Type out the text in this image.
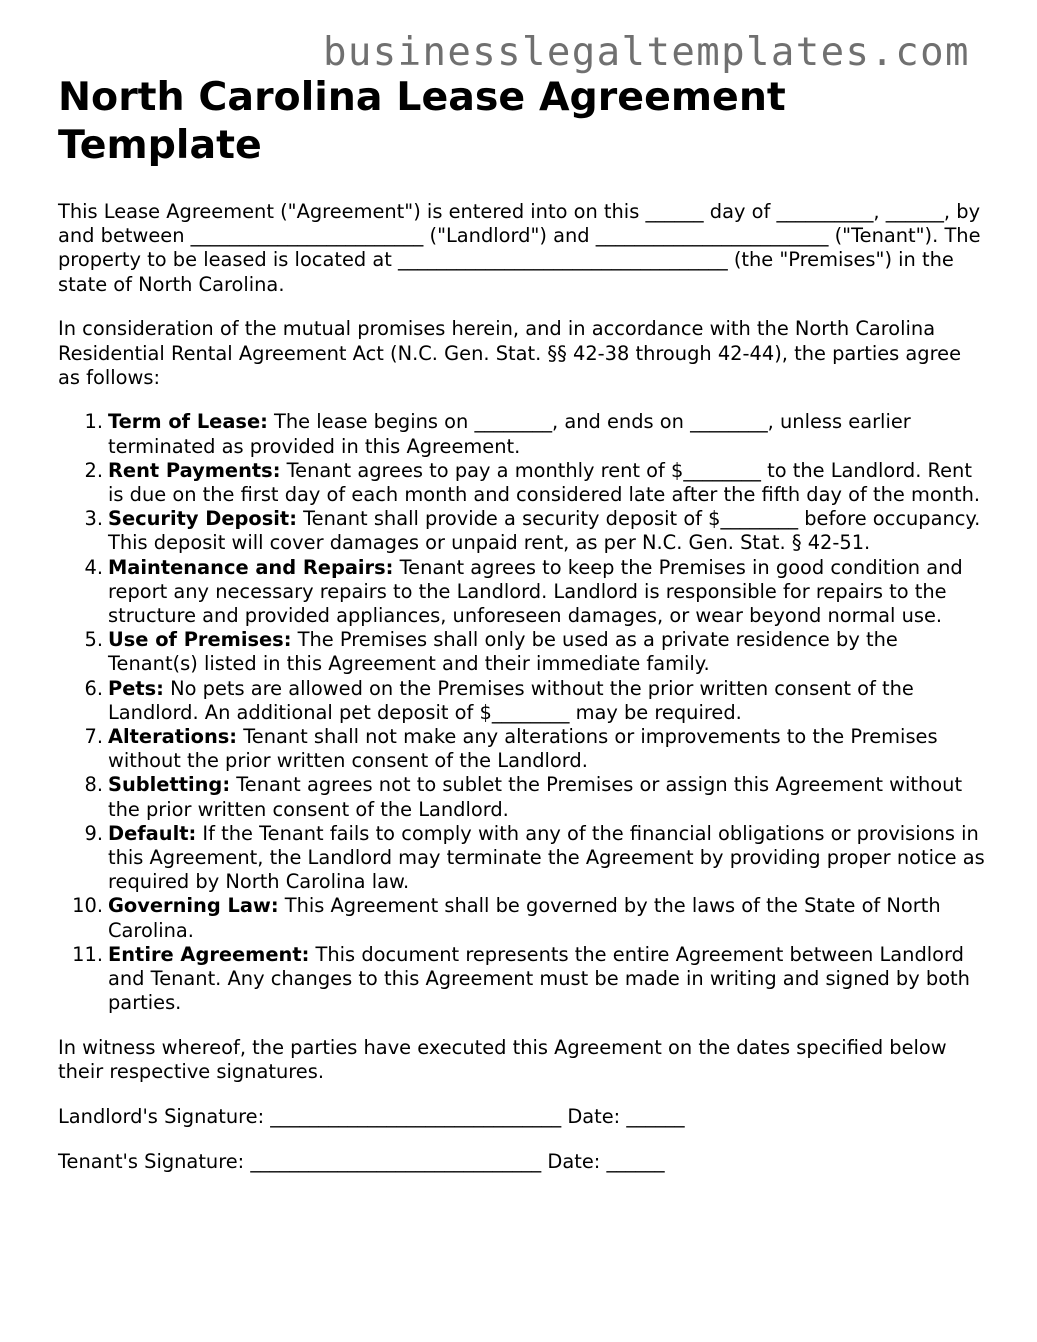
businesslegaltemplates.com
North Carolina Lease Agreement Template

This Lease Agreement ("Agreement") is entered into on this ______ day of __________, ______, by and between ________________________ ("Landlord") and ________________________ ("Tenant"). The property to be leased is located at __________________________________ (the "Premises") in the state of North Carolina.

In consideration of the mutual promises herein, and in accordance with the North Carolina Residential Rental Agreement Act (N.C. Gen. Stat. §§ 42-38 through 42-44), the parties agree as follows:

1. Term of Lease: The lease begins on ________, and ends on ________, unless earlier terminated as provided in this Agreement.
2. Rent Payments: Tenant agrees to pay a monthly rent of $________ to the Landlord. Rent is due on the first day of each month and considered late after the fifth day of the month.
3. Security Deposit: Tenant shall provide a security deposit of $________ before occupancy. This deposit will cover damages or unpaid rent, as per N.C. Gen. Stat. § 42-51.
4. Maintenance and Repairs: Tenant agrees to keep the Premises in good condition and report any necessary repairs to the Landlord. Landlord is responsible for repairs to the structure and provided appliances, unforeseen damages, or wear beyond normal use.
5. Use of Premises: The Premises shall only be used as a private residence by the Tenant(s) listed in this Agreement and their immediate family.
6. Pets: No pets are allowed on the Premises without the prior written consent of the Landlord. An additional pet deposit of $________ may be required.
7. Alterations: Tenant shall not make any alterations or improvements to the Premises without the prior written consent of the Landlord.
8. Subletting: Tenant agrees not to sublet the Premises or assign this Agreement without the prior written consent of the Landlord.
9. Default: If the Tenant fails to comply with any of the financial obligations or provisions in this Agreement, the Landlord may terminate the Agreement by providing proper notice as required by North Carolina law.
10. Governing Law: This Agreement shall be governed by the laws of the State of North Carolina.
11. Entire Agreement: This document represents the entire Agreement between Landlord and Tenant. Any changes to this Agreement must be made in writing and signed by both parties.

In witness whereof, the parties have executed this Agreement on the dates specified below their respective signatures.

Landlord's Signature: ______________________________ Date: ______

Tenant's Signature: ______________________________ Date: ______
